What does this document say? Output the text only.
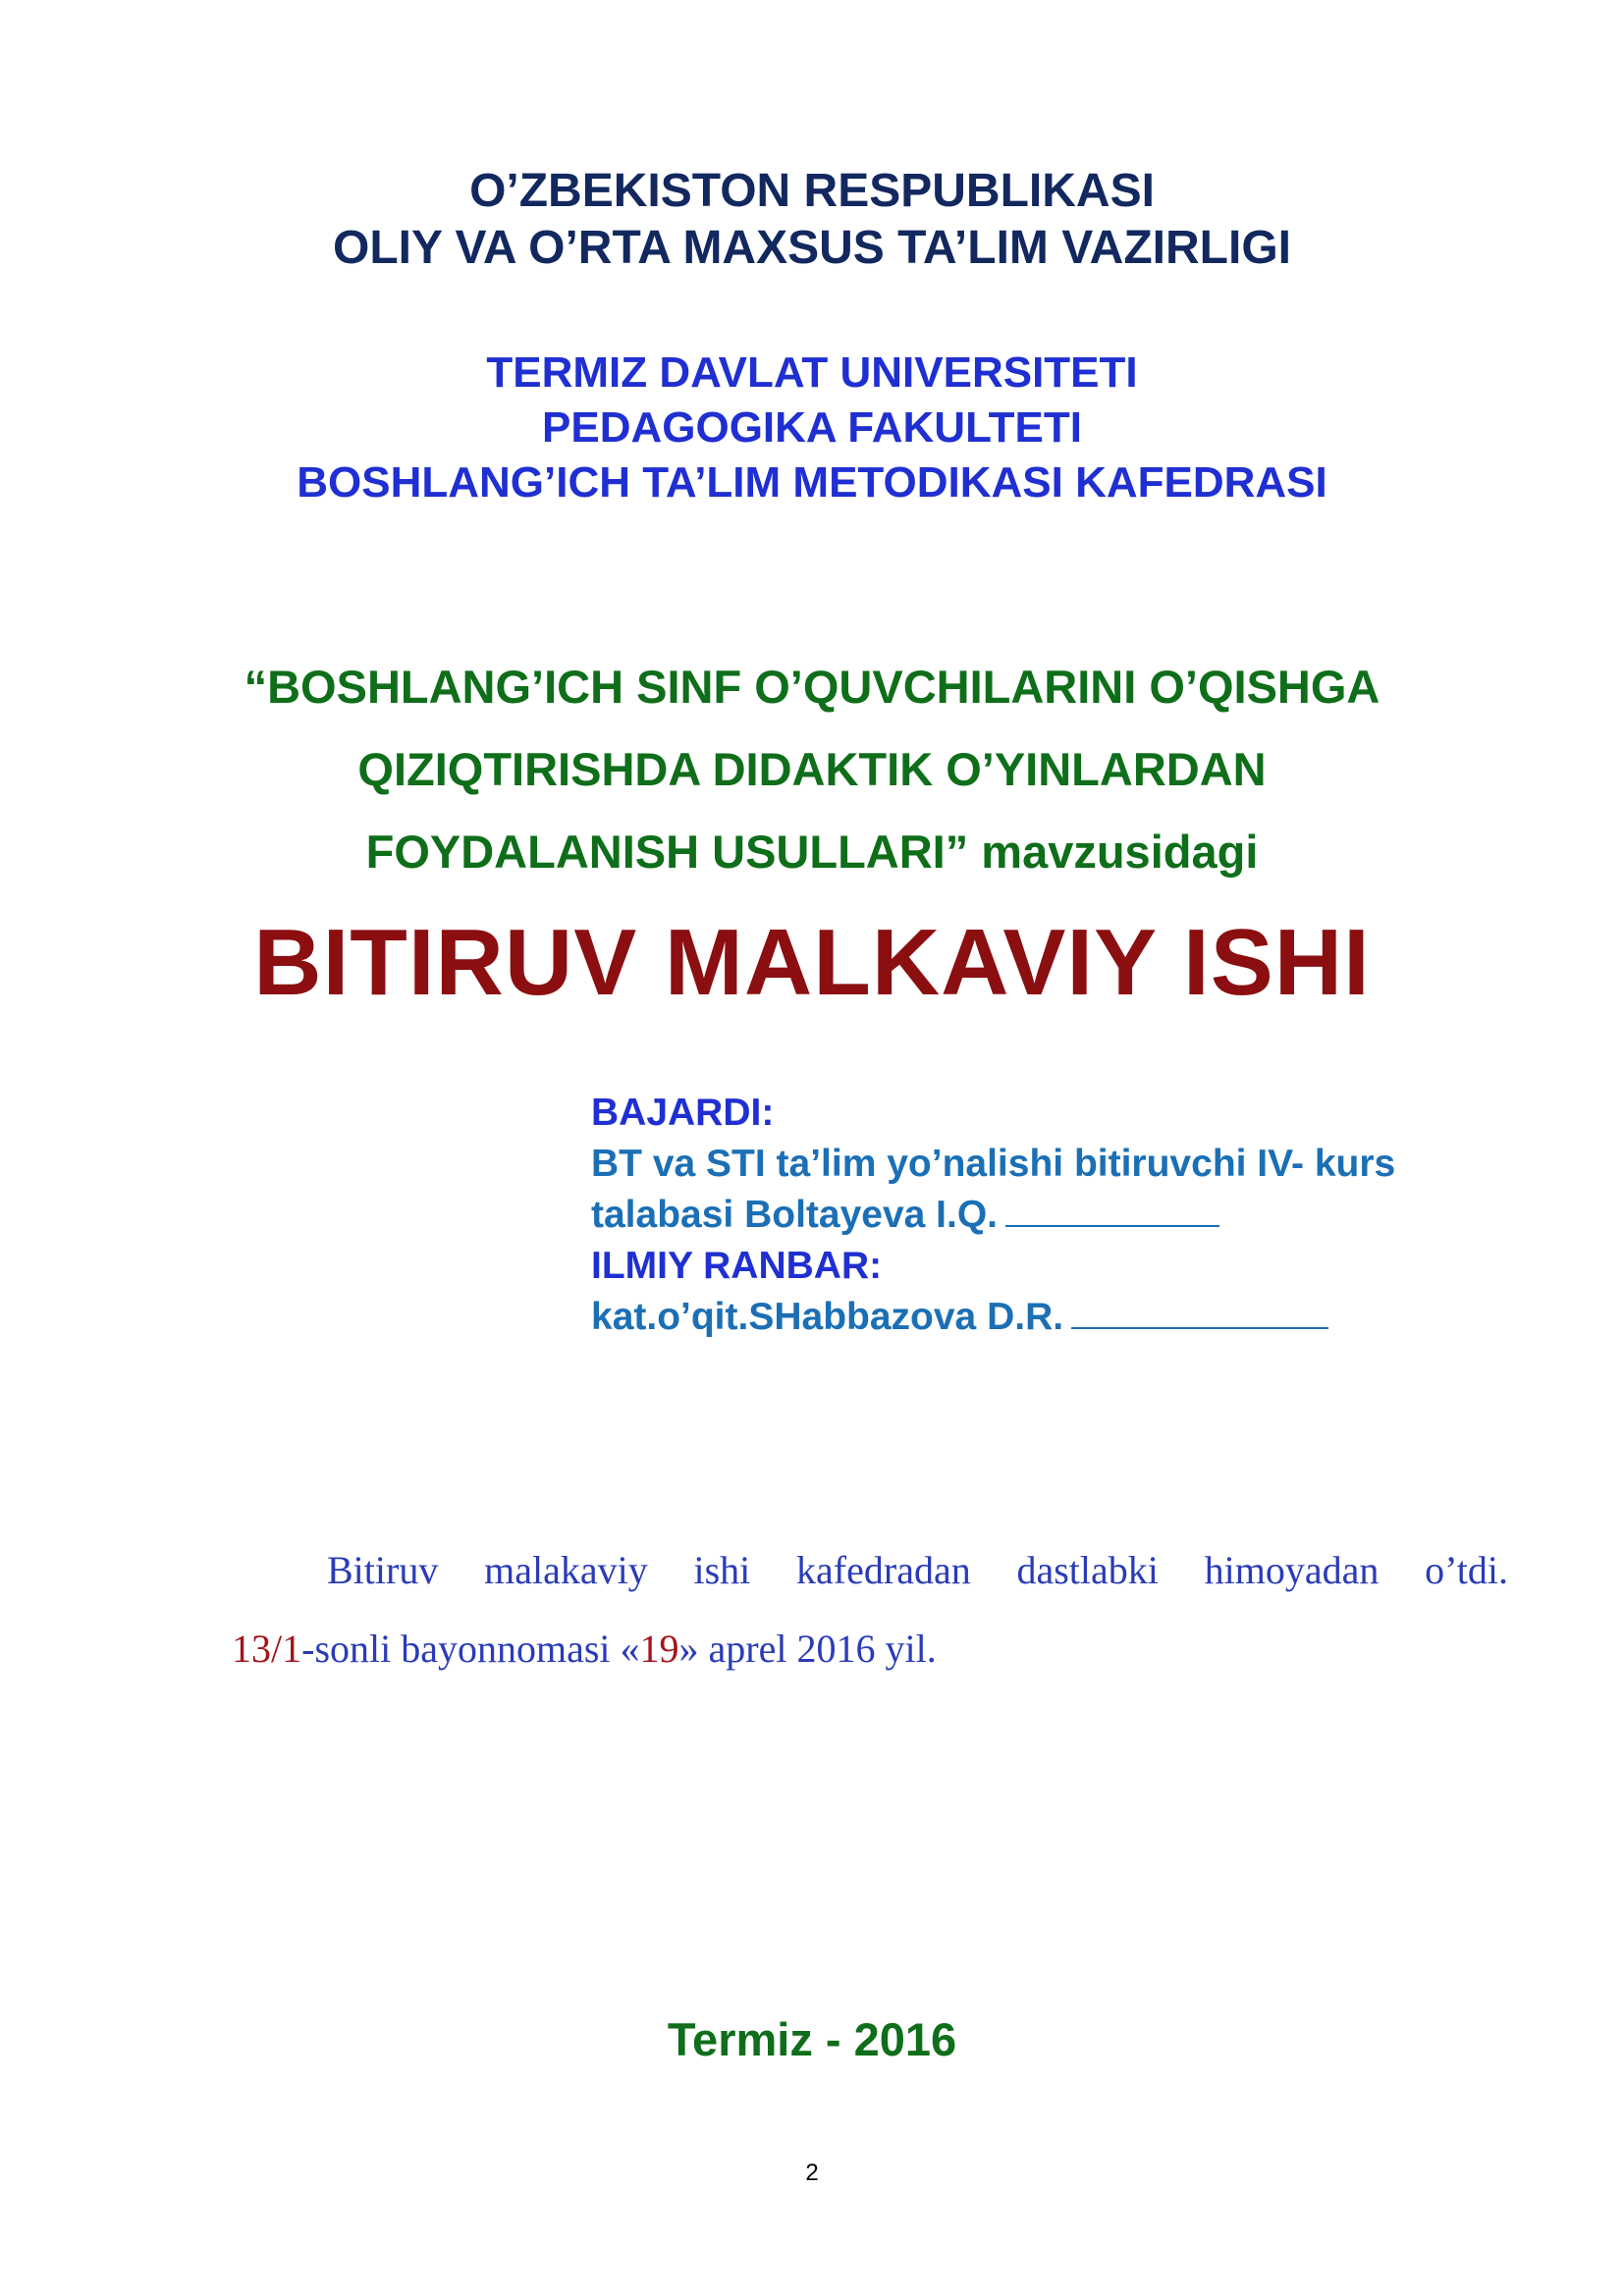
O’ZBEKISTON RESPUBLIKASI
OLIY VA O’RTA MAXSUS TA’LIM VAZIRLIGI
TERMIZ DAVLAT UNIVERSITETI
PEDAGOGIKA FAKULTETI
BOSHLANG’ICH TA’LIM METODIKASI KAFEDRASI
“BOSHLANG’ICH SINF O’QUVCHILARINI O’QISHGA
QIZIQTIRISHDA DIDAKTIK O’YINLARDAN
FOYDALANISH USULLARI” mavzusidagi
BITIRUV MALKAVIY ISHI
BAJARDI:
BT va STI ta’lim yo’nalishi bitiruvchi IV- kurs
talabasi Boltayeva I.Q.
ILMIY RANBAR:
kat.o’qit.SHabbazova D.R.
Bitiruv malakaviy ishi kafedradan dastlabki himoyadan o’tdi.
13/1-sonli bayonnomasi «19» aprel 2016 yil.
Termiz - 2016
2
